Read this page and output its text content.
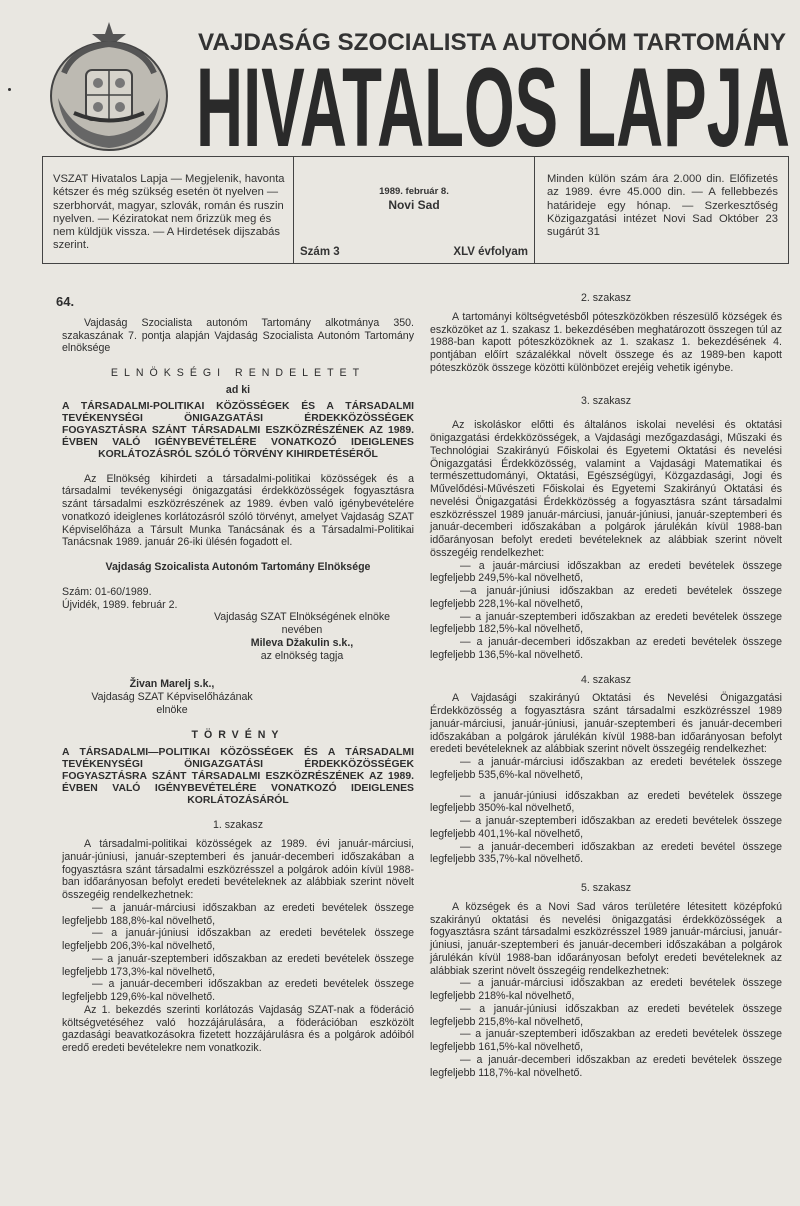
VAJDASÁG SZOCIALISTA AUTONÓM TARTOMÁNY
HIVATALOS LAPJA
VSZAT Hivatalos Lapja — Megjelenik, havonta kétszer és még szükség esetén öt nyelven — szerbhorvát, magyar, szlovák, román és ruszin nyelven. — Kéziratokat nem őrizzük meg és nem küldjük vissza. — A Hirdetések dijszabás szerint.
1989. február 8.
Novi Sad
Szám 3	XLV évfolyam
Minden külön szám ára 2.000 din. Előfizetés az 1989. évre 45.000 din. — A fellebbezés határideje egy hónap. — Szerkesztőség Közigazgatási intézet Novi Sad Október 23 sugárút 31
64.

Vajdaság Szocialista autonóm Tartomány alkotmánya 350. szakaszának 7. pontja alapján Vajdaság Szocialista Autonóm Tartomány elnöksége

ELNÖKSÉGI RENDELETET

ad ki

A TÁRSADALMI-POLITIKAI KÖZÖSSÉGEK ÉS A TÁRSADALMI TEVÉKENYSÉGI ÖNIGAZGATÁSI ÉRDEKKÖZÖSSÉGEK FOGYASZTÁSRA SZÁNT TÁRSADALMI ESZKÖZRÉSZÉNEK AZ 1989. ÉVBEN VALÓ IGÉNYBEVÉTELÉRE VONATKOZÓ IDEIGLENES KORLÁTOZÁSRÓL SZÓLÓ TÖRVÉNY KIHIRDETÉSÉRŐL

Az Elnökség kihirdeti a társadalmi-politikai közösségek és a társadalmi tevékenységi önigazgatási érdekközösségek fogyasztásra szánt társadalmi eszközrészének az 1989. évben való igénybevételére vonatkozó ideiglenes korlátozásról szóló törvényt, amelyet Vajdaság SZAT Képviselőháza a Társult Munka Tanácsának és a Társadalmi-Politikai Tanácsnak 1989. január 26-iki ülésén fogadott el.

Vajdaság Szoicalista Autonóm Tartomány Elnöksége

Szám: 01-60/1989.

Újvidék, 1989. február 2.

Vajdaság SZAT Elnökségének elnöke
nevében
Mileva Džakulin s.k.,
az elnökség tagja
Živan Marelj s.k.,
Vajdaság SZAT Képviselőházának
elnöke

TÖRVÉNY

A TÁRSADALMI—POLITIKAI KÖZÖSSÉGEK ÉS A TÁRSADALMI TEVÉKENYSÉGI ÖNIGAZGATÁSI ÉRDEKKÖZÖSSÉGEK FOGYASZTÁSRA SZÁNT TÁRSADALMI ESZKÖZRÉSZÉNEK AZ 1989. ÉVBEN VALÓ IGÉNYBEVÉTELÉRE VONATKOZÓ IDEIGLENES KORLÁTOZÁSÁRÓL

1. szakasz

A társadalmi-politikai közösségek az 1989. évi január-márciusi, január-júniusi, január-szeptemberi és január-decemberi időszakában a fogyasztásra szánt társadalmi eszközrésszel a polgárok adóin kívül 1988-ban időarányosan befolyt eredeti bevételeknek az alábbiak szerint növelt összegéig rendelkezhetnek:

— a január-márciusi időszakban az eredeti bevételek összege legfeljebb 188,8%-kal növelhető,

— a január-júniusi időszakban az eredeti bevételek összege legfeljebb 206,3%-kal növelhető,

— a január-szeptemberi időszakban az eredeti bevételek összege legfeljebb 173,3%-kal növelhető,

— a január-decemberi időszakban az eredeti bevételek összege legfeljebb 129,6%-kal növelhető.

Az 1. bekezdés szerinti korlátozás Vajdaság SZAT-nak a föderáció költségvetéséhez való hozzájárulására, a föderációban eszközölt gazdasági beavatkozásokra fizetett hozzájárulásra és a polgárok adóiból eredő eredeti bevételekre nem vonatkozik.

2. szakasz

A tartományi költségvetésből póteszközökben részesülő községek és eszközöket az 1. szakasz 1. bekezdésében meghatározott összegen túl az 1988-ban kapott póteszközöknek az 1. szakasz 1. bekezdésének 4. pontjában előírt százalékkal növelt összege és az 1989-ben kapott póteszközök összege közötti különbözet erejéig vehetik igénybe.

3. szakasz

Az iskoláskor előtti és általános iskolai nevelési és oktatási önigazgatási érdekközösségek, a Vajdasági mezőgazdasági, Műszaki és Technológiai Szakirányú Főiskolai és Egyetemi Oktatási és nevelési Önigazgatási Érdekközösség, valamint a Vajdasági Matematikai és természettudományi, Oktatási, Egészségügyi, Közgazdasági, Jogi és Művelődési-Művészeti Főiskolai és Egyetemi Szakirányú Oktatási és nevelési Önigazgatási Érdekközösség a fogyasztásra szánt társadalmi eszközrésszel 1989 január-márciusi, január-júniusi, január-szeptemberi és január-decemberi időszakában a polgárok járulékán kívül 1988-ban időarányosan befolyt eredeti bevételeknek az alábbiak szerint növelt összegéig rendelkezhet:

— a jauár-márciusi időszakban az eredeti bevételek összege legfeljebb 249,5%-kal növelhető,

—a január-júniusi időszakban az eredeti bevételek összege legfeljebb 228,1%-kal növelhető,

— a január-szeptemberi időszakban az eredeti bevételek összege legfeljebb 182,5%-kal növelhető,

— a január-decemberi időszakban az eredeti bevételek összege legfeljebb 136,5%-kal növelhető.

4. szakasz

A Vajdasági szakirányú Oktatási és Nevelési Önigazgatási Érdekközösség a fogyasztásra szánt társadalmi eszközrésszel 1989 január-márciusi, január-júniusi, január-szeptemberi és január-decemberi időszakában a polgárok járulékán kívül 1988-ban időarányosan befolyt eredeti bevételeknek az alábbiak szerint növelt összegéig rendelkezhet:

— a január-márciusi időszakban az eredeti bevételek összege legfeljebb 535,6%-kal növelhető,

— a január-júniusi időszakban az eredeti bevételek összege legfeljebb 350%-kal növelhető,

— a január-szeptemberi időszakban az eredeti bevételek összege legfeljebb 401,1%-kal növelhető,

— a január-decemberi időszakban az eredeti bevétel összege legfeljebb 335,7%-kal növelhető.

5. szakasz

A községek és a Novi Sad város területére létesitett középfokú szakirányú oktatási és nevelési önigazgatási érdekközösségek a fogyasztásra szánt társadalmi eszközrésszel 1989 január-márciusi, január-júniusi, január-szeptemberi és január-decemberi időszakában a polgárok járulékán kívül 1988-ban időarányosan befolyt eredeti bevételeknek az alábbiak szerint növelt összegéig rendelkezhetnek:

— a január-márciusi időszakban az eredeti bevételek összege legfeljebb 218%-kal növelhető,

— a január-júniusi időszakban az eredeti bevételek összege legfeljebb 215,8%-kal növelhető,

— a január-szeptemberi időszakban az eredeti bevételek összege legfeljebb 161,5%-kal növelhető,

— a január-decemberi időszakban az eredeti bevételek összege legfeljebb 118,7%-kal növelhető.
